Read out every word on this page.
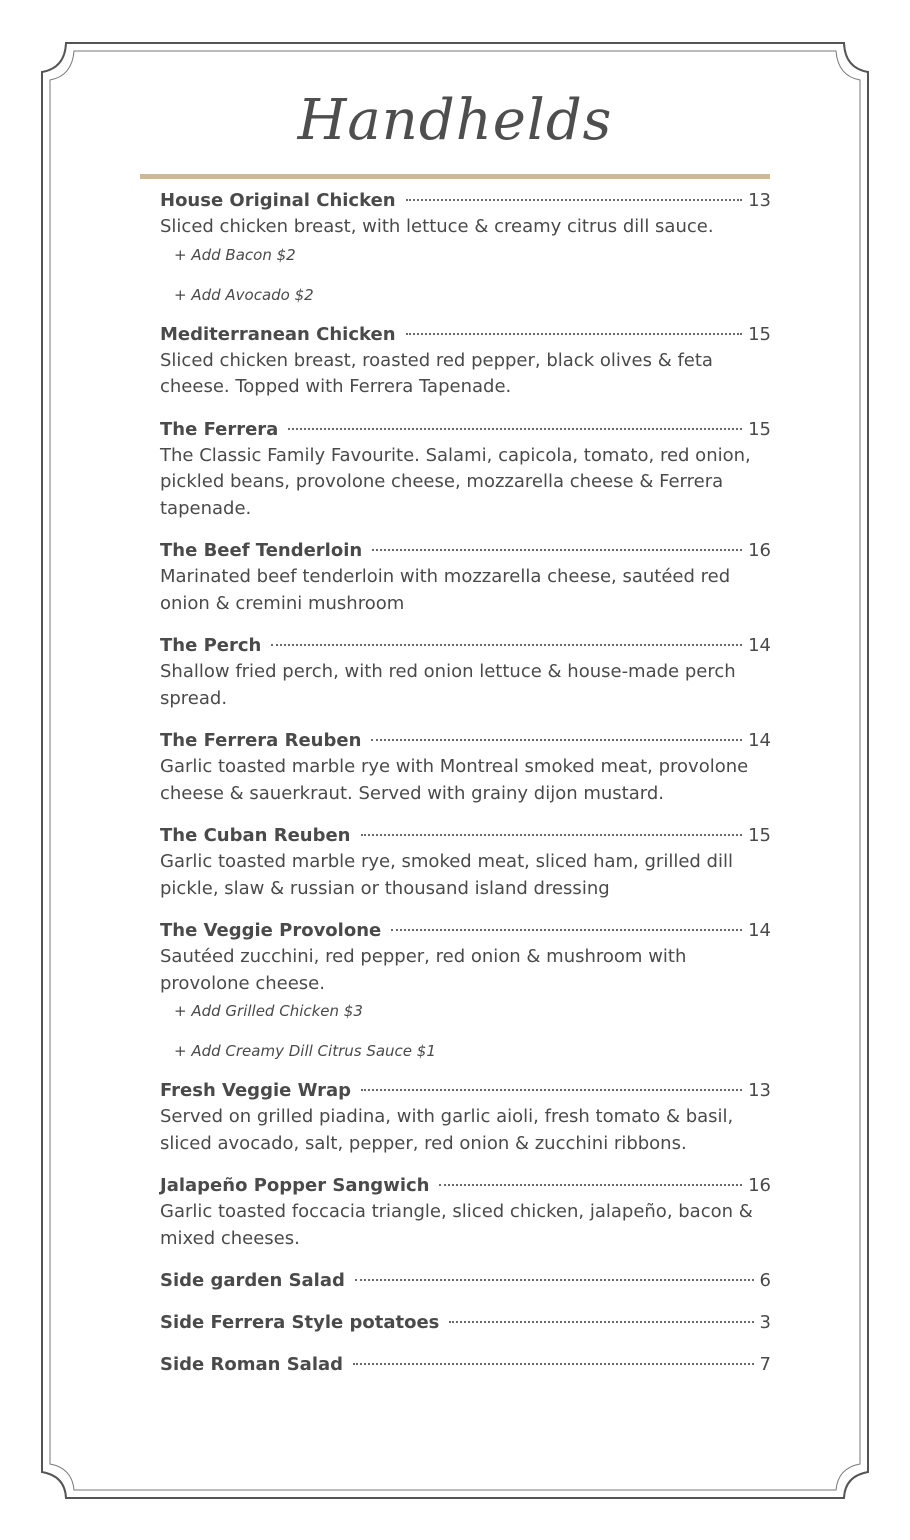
Handhelds
House Original Chicken	13
Sliced chicken breast, with lettuce & creamy citrus dill sauce.
+ Add Bacon $2
+ Add Avocado $2
Mediterranean Chicken	15
Sliced chicken breast, roasted red pepper, black olives & feta cheese. Topped with Ferrera Tapenade.
The Ferrera	15
The Classic Family Favourite. Salami, capicola, tomato, red onion, pickled beans, provolone cheese, mozzarella cheese & Ferrera tapenade.
The Beef Tenderloin	16
Marinated beef tenderloin with mozzarella cheese, sautéed red onion & cremini mushroom
The Perch	14
Shallow fried perch, with red onion lettuce & house-made perch spread.
The Ferrera Reuben	14
Garlic toasted marble rye with Montreal smoked meat, provolone cheese & sauerkraut. Served with grainy dijon mustard.
The Cuban Reuben	15
Garlic toasted marble rye, smoked meat, sliced ham, grilled dill pickle, slaw & russian or thousand island dressing
The Veggie Provolone	14
Sautéed zucchini, red pepper, red onion & mushroom with provolone cheese.
+ Add Grilled Chicken $3
+ Add Creamy Dill Citrus Sauce $1
Fresh Veggie Wrap	13
Served on grilled piadina, with garlic aioli, fresh tomato & basil, sliced avocado, salt, pepper, red onion & zucchini ribbons.
Jalapeño Popper Sangwich	16
Garlic toasted foccacia triangle, sliced chicken, jalapeño, bacon & mixed cheeses.
Side garden Salad	6
Side Ferrera Style potatoes	3
Side Roman Salad	7
